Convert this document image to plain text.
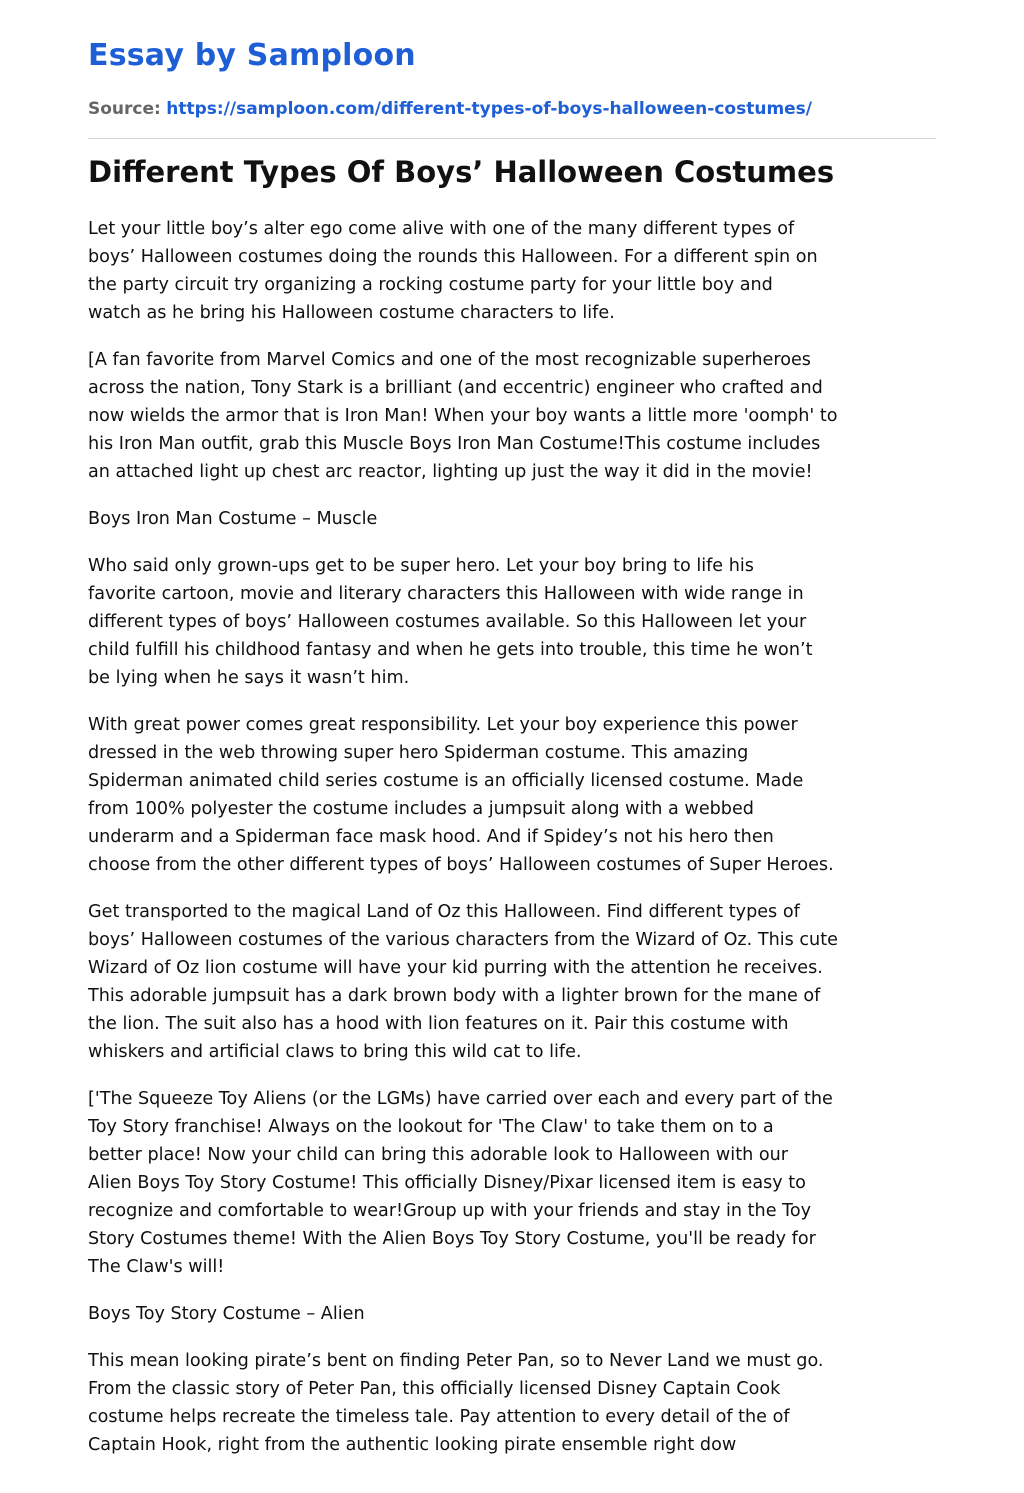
Essay by Samploon
Source: https://samploon.com/different-types-of-boys-halloween-costumes/
Different Types Of Boys’ Halloween Costumes

Let your little boy’s alter ego come alive with one of the many different types of
boys’ Halloween costumes doing the rounds this Halloween. For a different spin on
the party circuit try organizing a rocking costume party for your little boy and
watch as he bring his Halloween costume characters to life.

[A fan favorite from Marvel Comics and one of the most recognizable superheroes
across the nation, Tony Stark is a brilliant (and eccentric) engineer who crafted and
now wields the armor that is Iron Man! When your boy wants a little more 'oomph' to
his Iron Man outfit, grab this Muscle Boys Iron Man Costume!This costume includes
an attached light up chest arc reactor, lighting up just the way it did in the movie!

Boys Iron Man Costume – Muscle

Who said only grown-ups get to be super hero. Let your boy bring to life his
favorite cartoon, movie and literary characters this Halloween with wide range in
different types of boys’ Halloween costumes available. So this Halloween let your
child fulfill his childhood fantasy and when he gets into trouble, this time he won’t
be lying when he says it wasn’t him.

With great power comes great responsibility. Let your boy experience this power
dressed in the web throwing super hero Spiderman costume. This amazing
Spiderman animated child series costume is an officially licensed costume. Made
from 100% polyester the costume includes a jumpsuit along with a webbed
underarm and a Spiderman face mask hood. And if Spidey’s not his hero then
choose from the other different types of boys’ Halloween costumes of Super Heroes.

Get transported to the magical Land of Oz this Halloween. Find different types of
boys’ Halloween costumes of the various characters from the Wizard of Oz. This cute
Wizard of Oz lion costume will have your kid purring with the attention he receives.
This adorable jumpsuit has a dark brown body with a lighter brown for the mane of
the lion. The suit also has a hood with lion features on it. Pair this costume with
whiskers and artificial claws to bring this wild cat to life.

['The Squeeze Toy Aliens (or the LGMs) have carried over each and every part of the
Toy Story franchise! Always on the lookout for 'The Claw' to take them on to a
better place! Now your child can bring this adorable look to Halloween with our
Alien Boys Toy Story Costume! This officially Disney/Pixar licensed item is easy to
recognize and comfortable to wear!Group up with your friends and stay in the Toy
Story Costumes theme! With the Alien Boys Toy Story Costume, you'll be ready for
The Claw's will!

Boys Toy Story Costume – Alien

This mean looking pirate’s bent on finding Peter Pan, so to Never Land we must go.
From the classic story of Peter Pan, this officially licensed Disney Captain Cook
costume helps recreate the timeless tale. Pay attention to every detail of the of
Captain Hook, right from the authentic looking pirate ensemble right dow
